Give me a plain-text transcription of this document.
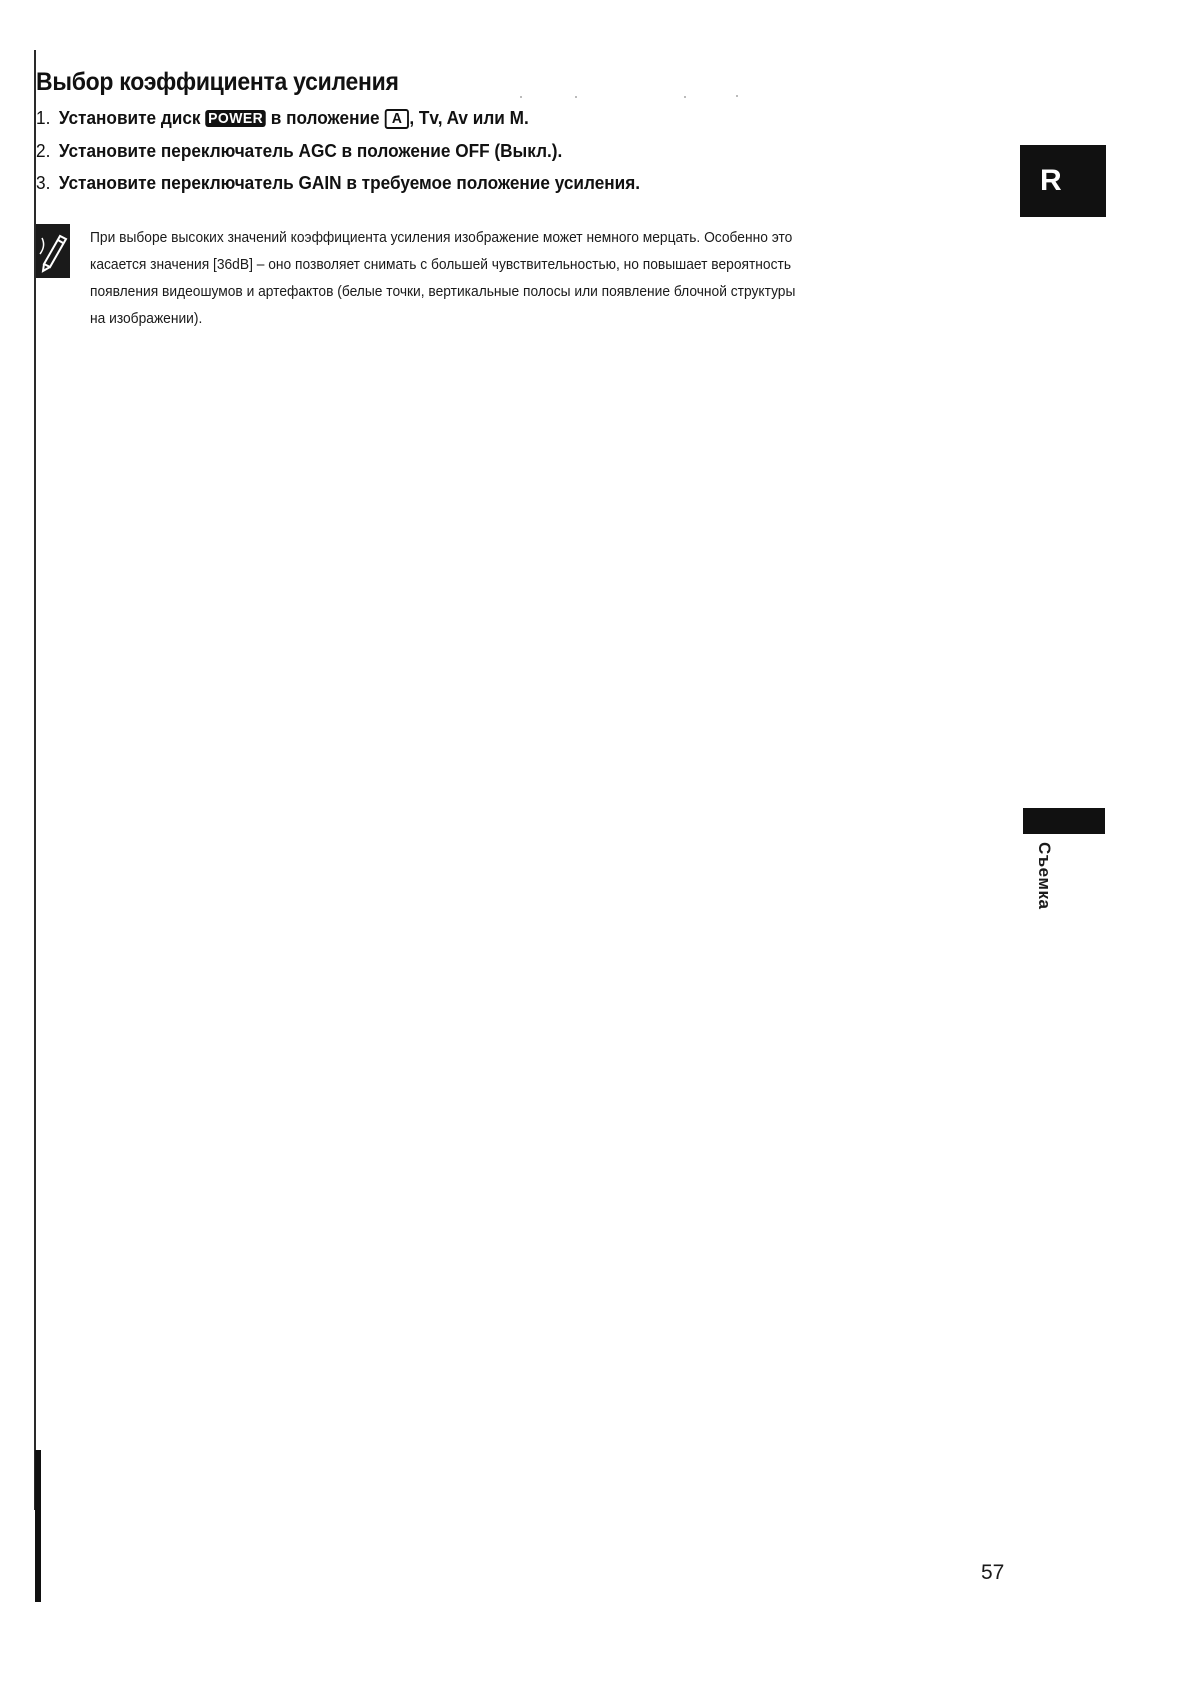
Выбор коэффициента усиления
1. Установите диск POWER в положение A , Tv, Av или M.
2. Установите переключатель AGC в положение OFF (Выкл.).
3. Установите переключатель GAIN в требуемое положение усиления.
При выборе высоких значений коэффициента усиления изображение может немного мерцать. Особенно это
касается значения [36dB] – оно позволяет снимать с большей чувствительностью, но повышает вероятность
появления видеошумов и артефактов (белые точки, вертикальные полосы или появление блочной структуры
на изображении).
R
Съемка
57
